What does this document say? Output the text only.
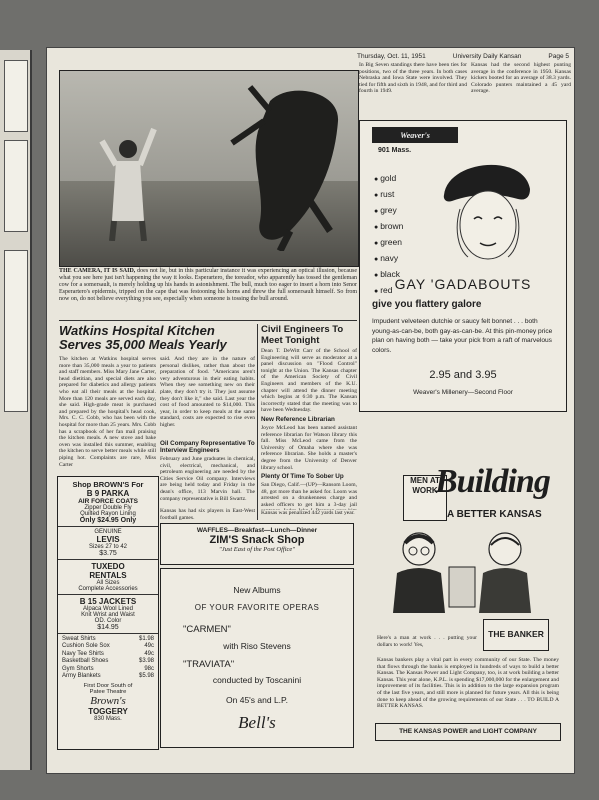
Thursday, Oct. 11, 1951	University Daily Kansan	Page 5
In Big Seven standings there have been ties for positions, two of the three years. In both cases Nebraska and Iowa State were involved. They tied for fifth and sixth in 1948, and for third and fourth in 1949.
Kansas had the second highest punting average in the conference in 1950. Kansas kickers booted for an average of 38.3 yards. Colorado punters maintained a 45 yard average.
THE CAMERA, IT IS SAID, does not lie, but in this particular instance it was experiencing an optical illusion, because what you see here just isn't happening the way it looks. Esperartero, the toreador, who apparently has tossed the gentleman cow for a somersault, is merely holding up his hands in astonishment. The bull, much too eager to insert a horn into Senor Esperartero's epidermis, tripped on the cape that was festooning his horns and threw the full somersault himself. So from now on, do not believe everything you see, especially when someone is tossing the bull around.
Watkins Hospital Kitchen Serves 35,000 Meals Yearly
The kitchen at Watkins hospital serves more than 35,000 meals a year to patients and staff members. Miss Mary Jane Carter, head dietitian, and special diets are also prepared for diabetics and allergy patients who eat all their meals at the hospital. More than 120 meals are served each day, she said. High-grade meat is purchased and prepared by the hospital's head cook, Mrs. C. C. Cobb, who has been with the hospital for more than 25 years. Mrs. Cobb has a scrapbook of her fan mail praising the kitchen meals. A new stove and bake oven was installed this summer, enabling the kitchen to serve better meals while still piping hot. Complaints are rare, Miss Carter
said. And they are in the nature of personal dislikes, rather than about the preparation of food. "Americans aren't very adventurous in their eating habits. When they see something new on their plate, they don't try it. They just assume they don't like it," she said. Last year the cost of food amounted to $14,000. This year, in order to keep meals at the same standard, costs are expected to rise even higher.
Oil Company Representative To Interview Engineers
February and June graduates in chemical, civil, electrical, mechanical, and petroleum engineering are needed by the Cities Service Oil company. Interviews are being held today and Friday in the dean's office, 113 Marvin hall. The company representative is Bill Swartz.
Kansas has had six players in East-West football games.
Civil Engineers To Meet Tonight
Dean T. DeWitt Carr of the School of Engineering will serve as moderator at a panel discussion on "Flood Control" tonight at the Union. The Kansas chapter of the American Society of Civil Engineers and members of the K.U. chapter will attend the dinner meeting which begins at 6:30 p.m. The Kansan incorrectly stated that the meeting was to have been Wednesday.
New Reference Librarian
Joyce McLeod has been named assistant reference librarian for Watson library this fall. Miss McLeod came from the University of Omaha where she was reference librarian. She holds a master's degree from the University of Denver library school.
Plenty Of Time To Sober Up
San Diego, Calif.—(UP)—Ransom Loom, 48, got more than he asked for. Loom was arrested on a drunkenness charge and asked officers to get him a 3-day jail
Kansas was penalized 442 yards last year.
Weaver's
901 Mass.
● gold
● rust
● grey
● brown
● green
● navy
● black
● red GAY 'GADABOUTS
give you flattery galore
Impudent velveteen dutchie or saucy felt bonnet . . . both young-as-can-be, both gay-as-can-be. At this pin-money price plan on having both — take your pick from a raft of marvelous colors.
2.95 and 3.95
Weaver's Millenery—Second Floor
Shop BROWN'S For
B 9 PARKA
AIR FORCE COATS
Zipper Double Fly
Quilted Rayon Lining
Only $24.95 Only
GENUINE
LEVIS
Sizes 27 to 42
$3.75
TUXEDO
RENTALS
All Sizes
Complete Accessories
B 15 JACKETS
Alpaca Wool Lined
Knit Wrist and Waist
OD. Color
$14.95
Sweat Shirts	$1.98
Cushion Sole Sox	49c
Navy Tee Shirts	49c
Basketball Shoes	$3.98
Gym Shorts	98c
Army Blankets	$5.98
First Door South of
Patee Theatre
Brown's
TOGGERY
830 Mass.
WAFFLES—Breakfast—Lunch—Dinner
ZIM'S Snack Shop
"Just East of the Post Office"
New Albums
OF YOUR FAVORITE OPERAS
"CARMEN"
with Riso Stevens
"TRAVIATA"
conducted by Toscanini
On 45's and L.P.
Bell's
MEN AT WORK
Building
A BETTER KANSAS
THE BANKER
Here's a man at work . . . putting your dollars to work! Yes,
Kansas bankers play a vital part in every community of our State. The money that flows through the banks is employed in hundreds of ways to build a better Kansas. The Kansas Power and Light Company, too, is at work building a better Kansas. This year alone, K.P.L. is spending $17,000,000 for the enlargement and improvement of its facilities. This is in addition to the large expansion program of the last five years, and still more is planned for future years. All this is being done to keep ahead of the growing requirements of our State . . . TO BUILD A BETTER KANSAS.
THE KANSAS POWER and LIGHT COMPANY
